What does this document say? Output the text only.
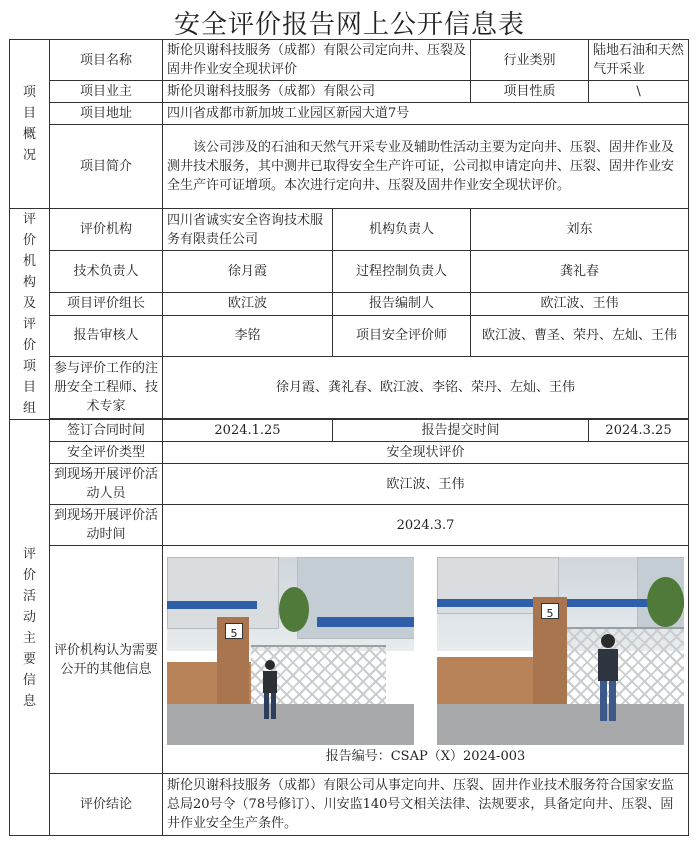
安全评价报告网上公开信息表
项目概况	项目名称	斯伦贝谢科技服务（成都）有限公司定向井、压裂及固井作业安全现状评价		行业类别	陆地石油和天然气开采业
	项目业主	斯伦贝谢科技服务（成都）有限公司		项目性质	\
	项目地址	四川省成都市新加坡工业园区新园大道7号			
	项目简介	该公司涉及的石油和天然气开采专业及辅助性活动主要为定向井、压裂、固井作业及测井技术服务，其中测井已取得安全生产许可证，公司拟申请定向井、压裂、固井作业安全生产许可证增项。本次进行定向井、压裂及固井作业安全现状评价。			
评价机构及评价项目组	评价机构	四川省诚实安全咨询技术服务有限责任公司	机构负责人	刘东	
	技术负责人	徐月霞	过程控制负责人	龚礼春	
	项目评价组长	欧江波	报告编制人	欧江波、王伟	
	报告审核人	李铭	项目安全评价师	欧江波、曹圣、荣丹、左灿、王伟	
	参与评价工作的注册安全工程师、技术专家	徐月霞、龚礼春、欧江波、李铭、荣丹、左灿、王伟			

评价活动主要信息	签订合同时间	2024.1.25	报告提交时间		2024.3.25
	安全评价类型	安全现状评价			
	到现场开展评价活动人员	欧江波、王伟			
	到现场开展评价活动时间	2024.3.7			
	评价机构认为需要公开的其他信息	5
5
报告编号：CSAP（X）2024-003			

	评价结论	斯伦贝谢科技服务（成都）有限公司从事定向井、压裂、固井作业技术服务符合国家安监总局20号令（78号修订）、川安监140号文相关法律、法规要求，具备定向井、压裂、固井作业安全生产条件。			
